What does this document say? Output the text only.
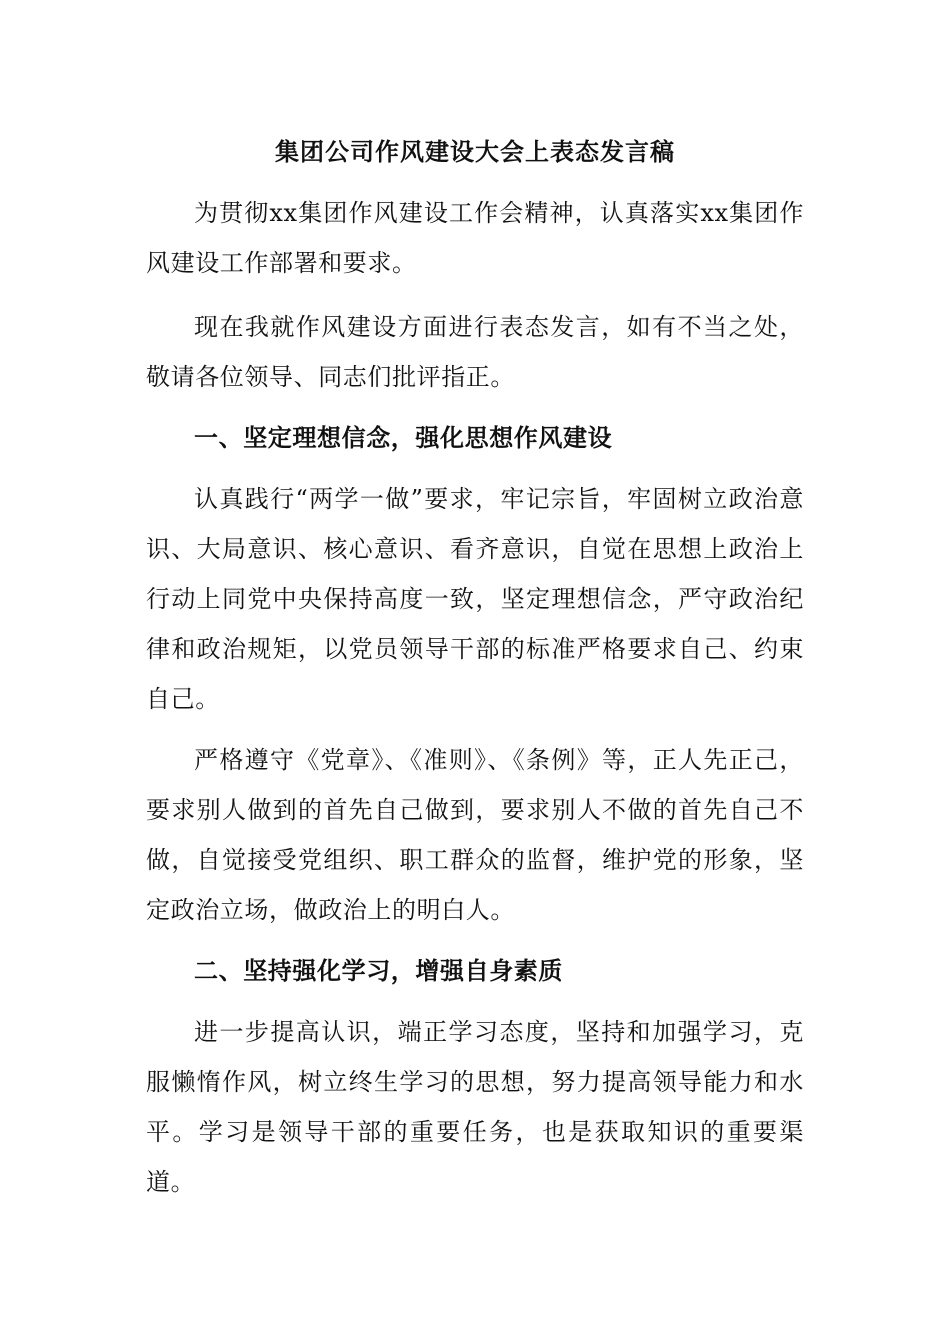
集团公司作风建设大会上表态发言稿

为贯彻xx集团作风建设工作会精神，认真落实xx集团作风建设工作部署和要求。

现在我就作风建设方面进行表态发言，如有不当之处，敬请各位领导、同志们批评指正。

一、坚定理想信念，强化思想作风建设

认真践行“两学一做”要求，牢记宗旨，牢固树立政治意识、大局意识、核心意识、看齐意识，自觉在思想上政治上行动上同党中央保持高度一致，坚定理想信念，严守政治纪律和政治规矩，以党员领导干部的标准严格要求自己、约束自己。

严格遵守《党章》、《准则》、《条例》等，正人先正己，要求别人做到的首先自己做到，要求别人不做的首先自己不做，自觉接受党组织、职工群众的监督，维护党的形象，坚定政治立场，做政治上的明白人。

二、坚持强化学习，增强自身素质

进一步提高认识，端正学习态度，坚持和加强学习，克服懒惰作风，树立终生学习的思想，努力提高领导能力和水平。学习是领导干部的重要任务，也是获取知识的重要渠道。
